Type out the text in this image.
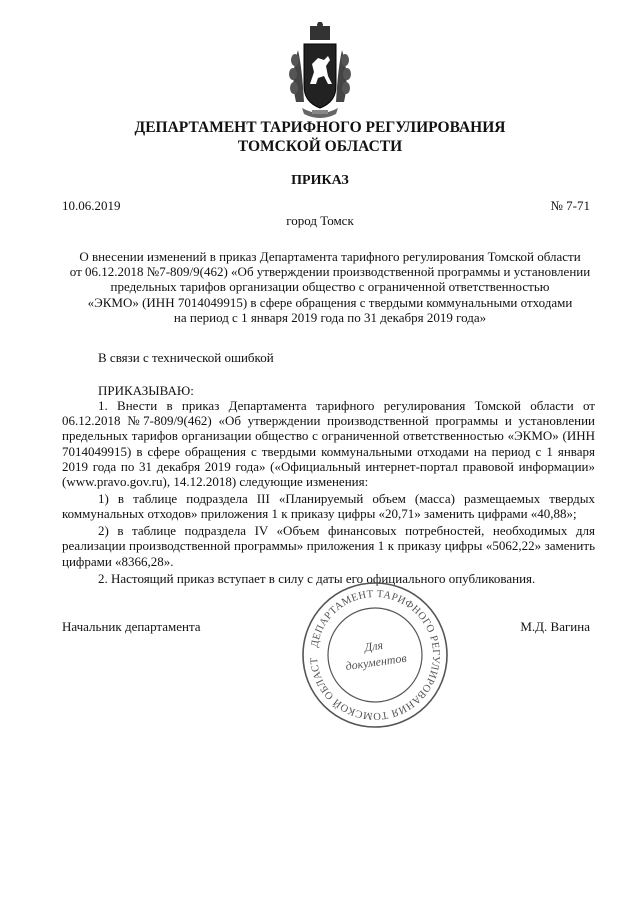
ДЕПАРТАМЕНТ ТАРИФНОГО РЕГУЛИРОВАНИЯ
ТОМСКОЙ ОБЛАСТИ
ПРИКАЗ
10.06.2019	№ 7-71
город Томск
О внесении изменений в приказ Департамента тарифного регулирования Томской области
от 06.12.2018 №7-809/9(462) «Об утверждении производственной программы и установлении
предельных тарифов организации общество с ограниченной ответственностью
«ЭКМО» (ИНН 7014049915) в сфере обращения с твердыми коммунальными отходами
на период с 1 января 2019 года по 31 декабря 2019 года»
В связи с технической ошибкой
ПРИКАЗЫВАЮ:

1. Внести в приказ Департамента тарифного регулирования Томской области от 06.12.2018 №7-809/9(462) «Об утверждении производственной программы и установлении предельных тарифов организации общество с ограниченной ответственностью «ЭКМО» (ИНН 7014049915) в сфере обращения с твердыми коммунальными отходами на период с 1 января 2019 года по 31 декабря 2019 года» («Официальный интернет-портал правовой информации» (www.pravo.gov.ru), 14.12.2018) следующие изменения:

1) в таблице подраздела III «Планируемый объем (масса) размещаемых твердых коммунальных отходов» приложения 1 к приказу цифры «20,71» заменить цифрами «40,88»;

2) в таблице подраздела IV «Объем финансовых потребностей, необходимых для реализации производственной программы» приложения 1 к приказу цифры «5062,22» заменить цифрами «8366,28».

2. Настоящий приказ вступает в силу с даты его официального опубликования.

Начальник департамента	М.Д. Вагина
ДЕПАРТАМЕНТ ТАРИФНОГО РЕГУЛИРОВАНИЯ ТОМСКОЙ ОБЛАСТ
Для
документов
